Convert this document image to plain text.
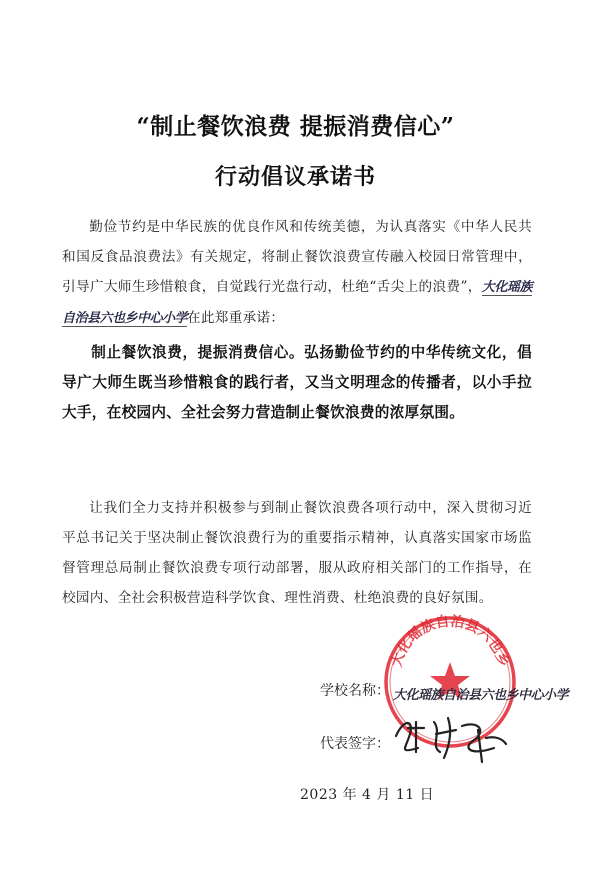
“制止餐饮浪费 提振消费信心”
行动倡议承诺书
勤俭节约是中华民族的优良作风和传统美德，为认真落实《中华人民共和国反食品浪费法》有关规定，将制止餐饮浪费宣传融入校园日常管理中，引导广大师生珍惜粮食，自觉践行光盘行动，杜绝“舌尖上的浪费”，大化瑶族自治县六也乡中心小学在此郑重承诺：
制止餐饮浪费，提振消费信心。弘扬勤俭节约的中华传统文化，倡导广大师生既当珍惜粮食的践行者，又当文明理念的传播者，以小手拉大手，在校园内、全社会努力营造制止餐饮浪费的浓厚氛围。
让我们全力支持并积极参与到制止餐饮浪费各项行动中，深入贯彻习近平总书记关于坚决制止餐饮浪费行为的重要指示精神，认真落实国家市场监督管理总局制止餐饮浪费专项行动部署，服从政府相关部门的工作指导，在校园内、全社会积极营造科学饮食、理性消费、杜绝浪费的良好氛围。
大化瑶族自治县六也乡
学校名称： 大化瑶族自治县六也乡中心小学
代表签字：
2023 年 4 月 11 日
